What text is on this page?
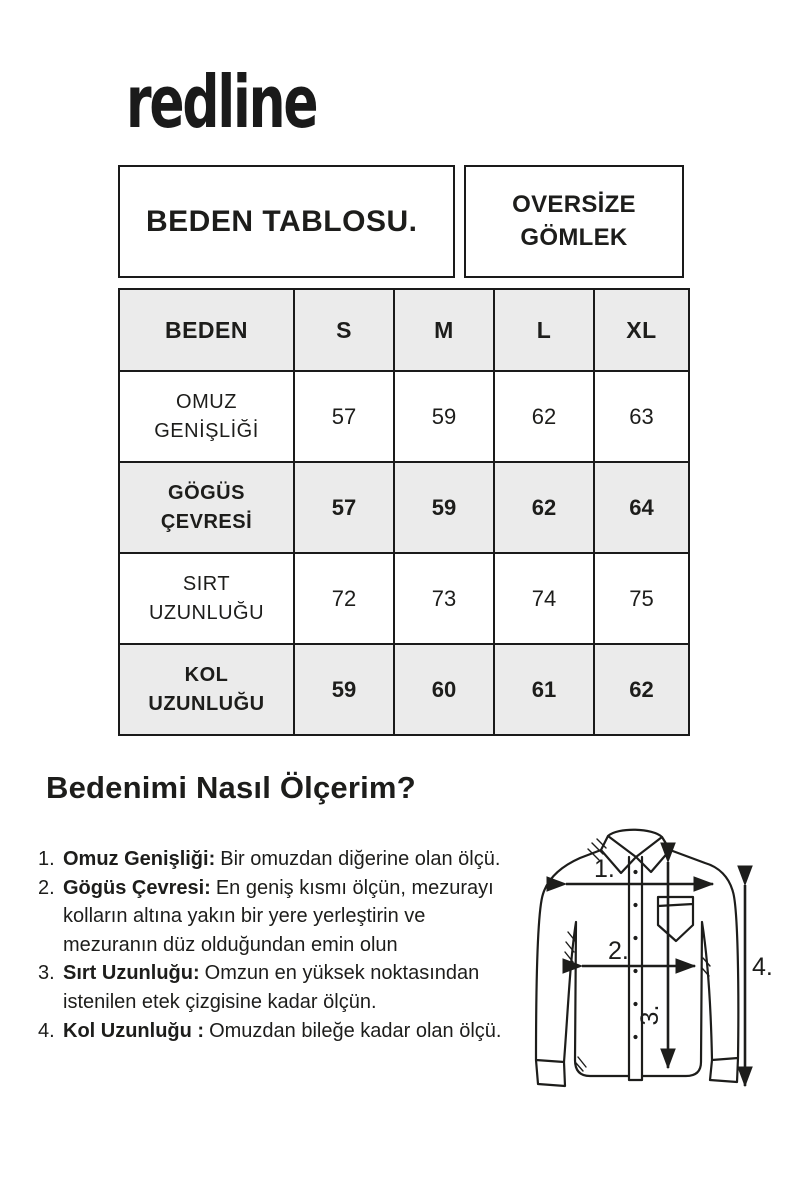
redline
BEDEN TABLOSU.	OVERSİZE GÖMLEK
BEDEN	S	M	L	XL
OMUZ GENİŞLİĞİ	57	59	62	63
GÖGÜS ÇEVRESİ	57	59	62	64
SIRT UZUNLUĞU	72	73	74	75
KOL UZUNLUĞU	59	60	61	62
Bedenimi Nasıl Ölçerim?
1. Omuz Genişliği: Bir omuzdan diğerine olan ölçü.
2. Gögüs Çevresi: En geniş kısmı ölçün, mezurayı kolların altına yakın bir yere yerleştirin ve mezuranın düz olduğundan emin olun
3. Sırt Uzunluğu: Omzun en yüksek noktasından istenilen etek çizgisine kadar ölçün.
4. Kol Uzunluğu : Omuzdan bileğe kadar olan ölçü.
1.
2.
3.
4.
